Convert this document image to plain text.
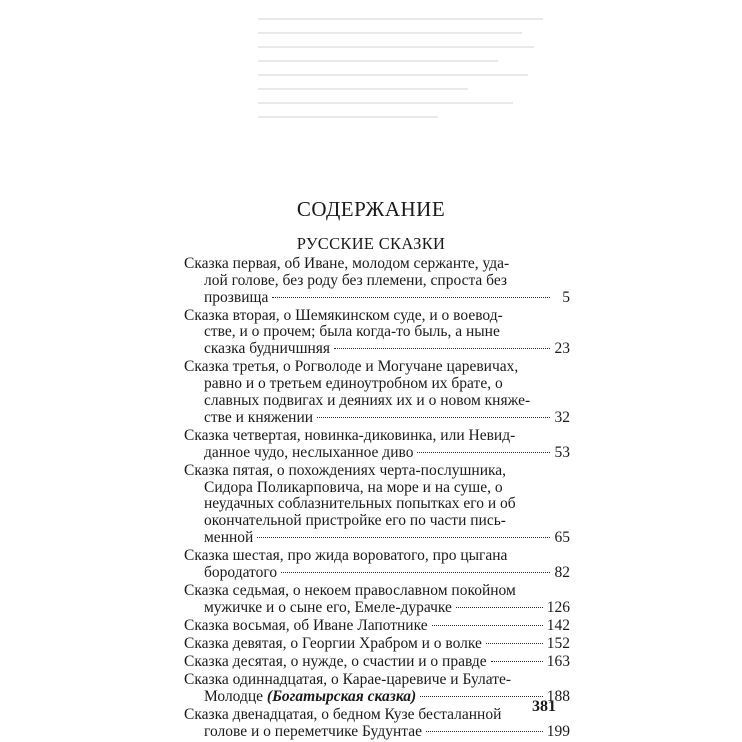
СОДЕРЖАНИЕ
РУССКИЕ СКАЗКИ
Сказка первая, об Иване, молодом сержанте, уда-
лой голове, без роду без племени, спроста без
прозвища	5
Сказка вторая, о Шемякинском суде, и о воевод-
стве, и о прочем; была когда-то быль, а ныне
сказка будничшняя	23
Сказка третья, о Рогволоде и Могучане царевичах,
равно и о третьем единоутробном их брате, о
славных подвигах и деяниях их и о новом княже-
стве и княжении	32
Сказка четвертая, новинка-диковинка, или Невид-
данное чудо, неслыханное диво	53
Сказка пятая, о похождениях черта-послушника,
Сидора Поликарповича, на море и на суше, о
неудачных соблазнительных попытках его и об
окончательной пристройке его по части пись-
менной	65
Сказка шестая, про жида вороватого, про цыгана
бородатого	82
Сказка седьмая, о некоем православном покойном
мужичке и о сыне его, Емеле-дурачке	126
Сказка восьмая, об Иване Лапотнике	142
Сказка девятая, о Георгии Храбром и о волке	152
Сказка десятая, о нужде, о счастии и о правде	163
Сказка одиннадцатая, о Карае-царевиче и Булате-
Молодце (Богатырская сказка)	188
Сказка двенадцатая, о бедном Кузе бесталанной
голове и о переметчике Будунтае	199
381
